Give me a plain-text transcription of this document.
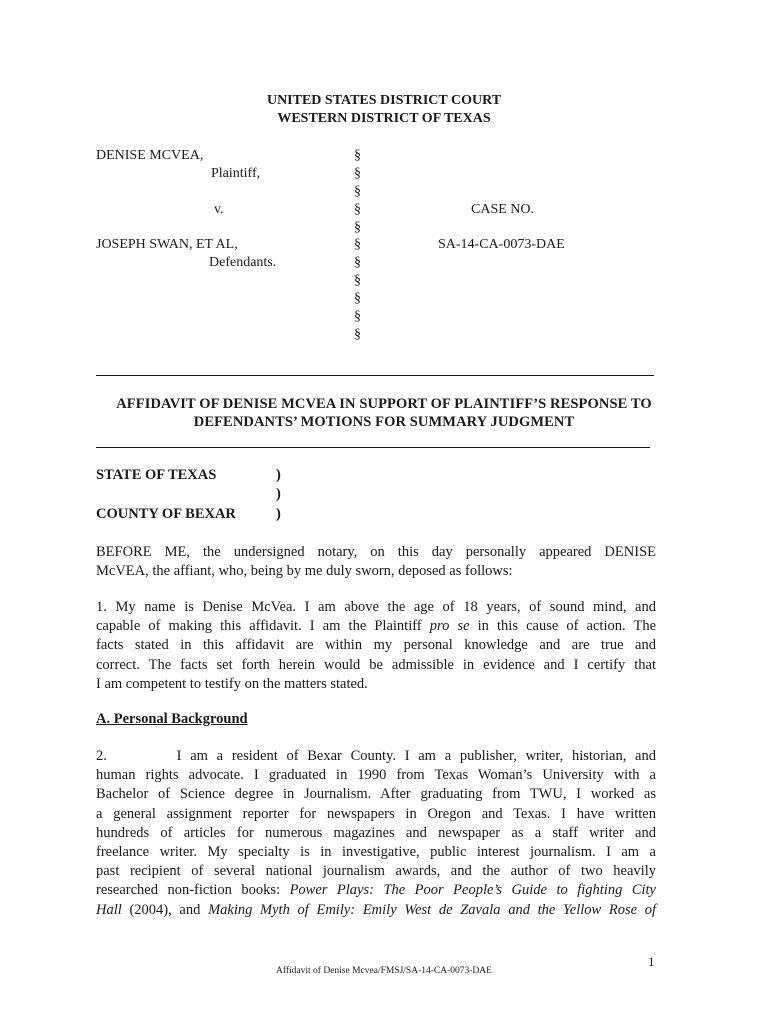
UNITED STATES DISTRICT COURT
WESTERN DISTRICT OF TEXAS
DENISE MCVEA,
Plaintiff,
v.
JOSEPH SWAN, ET AL,
Defendants.
CASE NO.
SA-14-CA-0073-DAE
§
§
§
§
§
§
§
§
§
§
§
AFFIDAVIT OF DENISE MCVEA IN SUPPORT OF PLAINTIFF’S RESPONSE TO
DEFENDANTS’ MOTIONS FOR SUMMARY JUDGMENT
STATE OF TEXAS	)
)
COUNTY OF BEXAR	)
BEFORE ME, the undersigned notary, on this day personally appeared DENISE
McVEA, the affiant, who, being by me duly sworn, deposed as follows:
1. My name is Denise McVea. I am above the age of 18 years, of sound mind, and
capable of making this affidavit. I am the Plaintiff pro se in this cause of action. The
facts stated in this affidavit are within my personal knowledge and are true and
correct. The facts set forth herein would be admissible in evidence and I certify that
I am competent to testify on the matters stated.
A. Personal Background
2.        I am a resident of Bexar County. I am a publisher, writer, historian, and
human rights advocate. I graduated in 1990 from Texas Woman’s University with a
Bachelor of Science degree in Journalism. After graduating from TWU, I worked as
a general assignment reporter for newspapers in Oregon and Texas. I have written
hundreds of articles for numerous magazines and newspaper as a staff writer and
freelance writer. My specialty is in investigative, public interest journalism. I am a
past recipient of several national journalism awards, and the author of two heavily
researched non-fiction books: Power Plays: The Poor People’s Guide to fighting City
Hall (2004), and Making Myth of Emily: Emily West de Zavala and the Yellow Rose of
1
Affidavit of Denise Mcvea/FMSJ/SA-14-CA-0073-DAE
